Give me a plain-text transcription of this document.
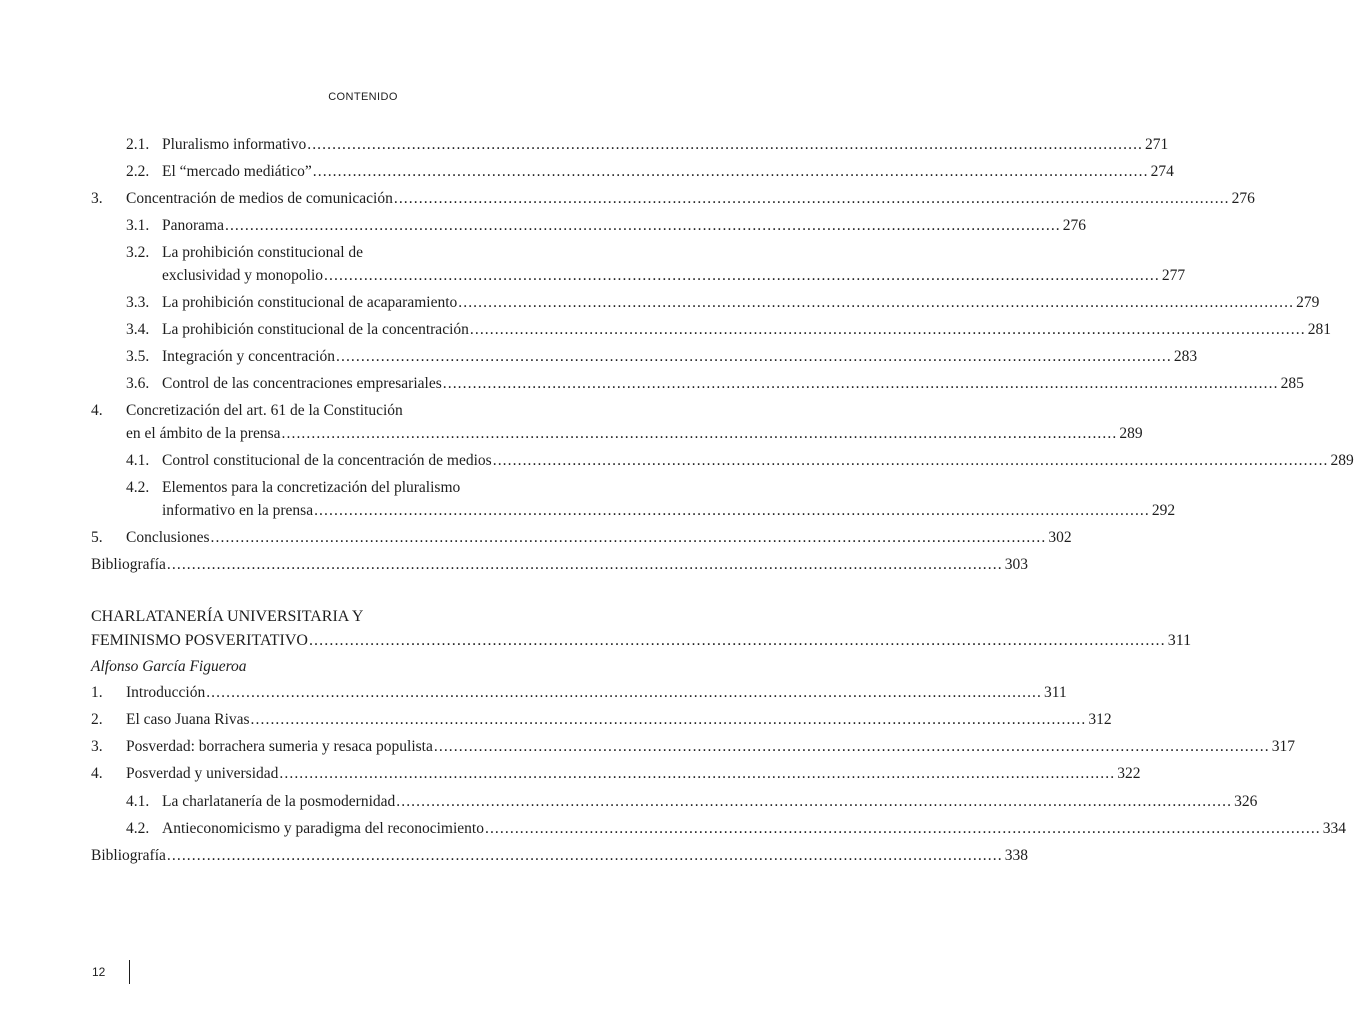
CONTENIDO
2.1. Pluralismo informativo ........................................................................................................................................................................ 271
2.2. El “mercado mediático” ........................................................................................................................................................................ 274
3. Concentración de medios de comunicación ........................................................................................................................................................................ 276
3.1. Panorama ........................................................................................................................................................................ 276
3.2. La prohibición constitucional de
exclusividad y monopolio ........................................................................................................................................................................ 277
3.3. La prohibición constitucional de acaparamiento ........................................................................................................................................................................ 279
3.4. La prohibición constitucional de la concentración ........................................................................................................................................................................ 281
3.5. Integración y concentración ........................................................................................................................................................................ 283
3.6. Control de las concentraciones empresariales ........................................................................................................................................................................ 285
4. Concretización del art. 61 de la Constitución
en el ámbito de la prensa ........................................................................................................................................................................ 289
4.1. Control constitucional de la concentración de medios ........................................................................................................................................................................ 289
4.2. Elementos para la concretización del pluralismo
informativo en la prensa ........................................................................................................................................................................ 292
5. Conclusiones ........................................................................................................................................................................ 302
Bibliografía ........................................................................................................................................................................ 303
CHARLATANERÍA UNIVERSITARIA Y
FEMINISMO POSVERITATIVO ........................................................................................................................................................................ 311
Alfonso García Figueroa
1. Introducción ........................................................................................................................................................................ 311
2. El caso Juana Rivas ........................................................................................................................................................................ 312
3. Posverdad: borrachera sumeria y resaca populista ........................................................................................................................................................................ 317
4. Posverdad y universidad ........................................................................................................................................................................ 322
4.1. La charlatanería de la posmodernidad ........................................................................................................................................................................ 326
4.2. Antieconomicismo y paradigma del reconocimiento ........................................................................................................................................................................ 334
Bibliografía ........................................................................................................................................................................ 338
12
